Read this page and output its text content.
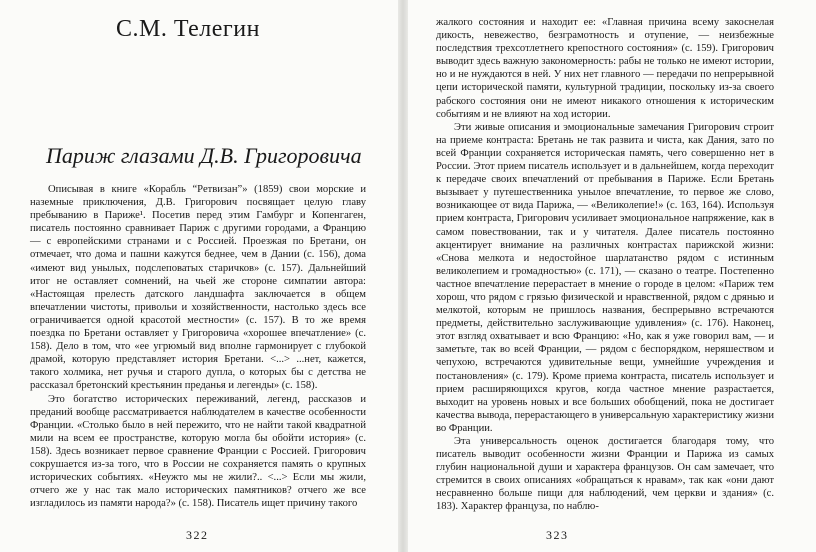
С.М. Телегин
Париж глазами Д.В. Григоровича

Описывая в книге «Корабль “Ретвизан”» (1859) свои морские и наземные приключения, Д.В. Григорович посвящает целую главу пребыванию в Париже¹. Посетив перед этим Гамбург и Копенгаген, писатель постоянно сравнивает Париж с другими городами, а Францию — с европейскими странами и с Россией. Проезжая по Бретани, он отмечает, что дома и пашни кажутся беднее, чем в Дании (с. 156), дома «имеют вид унылых, подслеповатых старичков» (с. 157). Дальнейший итог не оставляет сомнений, на чьей же стороне симпатии автора: «Настоящая прелесть датского ландшафта заключается в общем впечатлении чистоты, привольи и хозяйственности, настолько здесь все ограничивается одной красотой местности» (с. 157). В то же время поездка по Бретани оставляет у Григоровича «хорошее впечатление» (с. 158). Дело в том, что «ее угрюмый вид вполне гармонирует с глубокой драмой, которую представляет история Бретани. <...> ...нет, кажется, такого холмика, нет ручья и старого дупла, о которых бы с детства не рассказал бретонский крестьянин преданья и легенды» (с. 158).

Это богатство исторических переживаний, легенд, рассказов и преданий вообще рассматривается наблюдателем в качестве особенности Франции. «Столько было в ней пережито, что не найти такой квадратной мили на всем ее пространстве, которую могла бы обойти история» (с. 158). Здесь возникает первое сравнение Франции с Россией. Григорович сокрушается из-за того, что в России не сохраняется память о крупных исторических событиях. «Неужто мы не жили?.. <...> Если мы жили, отчего же у нас так мало исторических памятников? отчего же все изгладилось из памяти народа?» (с. 158). Писатель ищет причину такого

322

жалкого состояния и находит ее: «Главная причина всему закоснелая дикость, невежество, безграмотность и отупение, — неизбежные последствия трехсотлетнего крепостного состояния» (с. 159). Григорович выводит здесь важную закономерность: рабы не только не имеют истории, но и не нуждаются в ней. У них нет главного — передачи по непрерывной цепи исторической памяти, культурной традиции, поскольку из-за своего рабского состояния они не имеют никакого отношения к историческим событиям и не влияют на ход истории.

Эти живые описания и эмоциональные замечания Григорович строит на приеме контраста: Бретань не так развита и чиста, как Дания, зато по всей Франции сохраняется историческая память, чего совершенно нет в России. Этот прием писатель использует и в дальнейшем, когда переходит к передаче своих впечатлений от пребывания в Париже. Если Бретань вызывает у путешественника унылое впечатление, то первое же слово, возникающее от вида Парижа, — «Великолепие!» (с. 163, 164). Используя прием контраста, Григорович усиливает эмоциональное напряжение, как в самом повествовании, так и у читателя. Далее писатель постоянно акцентирует внимание на различных контрастах парижской жизни: «Снова мелкота и недостойное шарлатанство рядом с истинным великолепием и громадностью» (с. 171), — сказано о театре. Постепенно частное впечатление перерастает в мнение о городе в целом: «Париж тем хорош, что рядом с грязью физической и нравственной, рядом с дрянью и мелкотой, которым не пришлось названия, беспрерывно встречаются предметы, действительно заслуживающие удивления» (с. 176). Наконец, этот взгляд охватывает и всю Францию: «Но, как я уже говорил вам, — и заметьте, так во всей Франции, — рядом с беспорядком, неряшеством и чепухою, встречаются удивительные вещи, умнейшие учреждения и постановления» (с. 179). Кроме приема контраста, писатель использует и прием расширяющихся кругов, когда частное мнение разрастается, выходит на уровень новых и все больших обобщений, пока не достигает качества вывода, перерастающего в универсальную характеристику жизни во Франции.

Эта универсальность оценок достигается благодаря тому, что писатель выводит особенности жизни Франции и Парижа из самых глубин национальной души и характера французов. Он сам замечает, что стремится в своих описаниях «обращаться к нравам», так как «они дают несравненно больше пищи для наблюдений, чем церкви и здания» (с. 183). Характер француза, по наблю-

323
